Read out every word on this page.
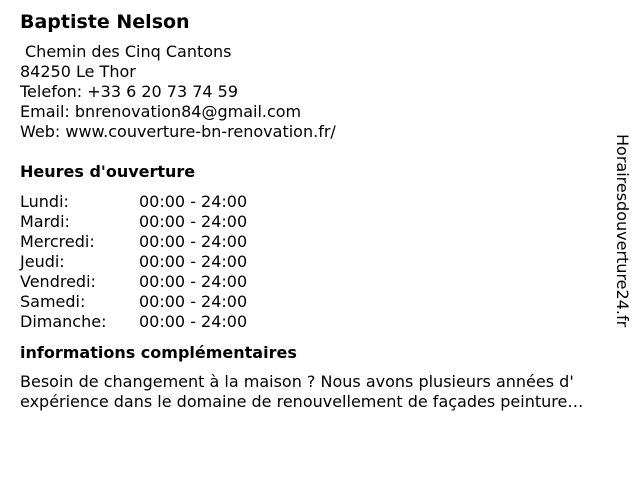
Baptiste Nelson
Chemin des Cinq Cantons
84250 Le Thor
Telefon: +33 6 20 73 74 59
Email: bnrenovation84@gmail.com
Web: www.couverture-bn-renovation.fr/
Heures d'ouverture
Lundi:	00:00 - 24:00
Mardi:	00:00 - 24:00
Mercredi:	00:00 - 24:00
Jeudi:	00:00 - 24:00
Vendredi:	00:00 - 24:00
Samedi:	00:00 - 24:00
Dimanche:	00:00 - 24:00
informations complémentaires
Besoin de changement à la maison ? Nous avons plusieurs années d' expérience dans le domaine de renouvellement de façades peinture…
Horairesdouverture24.fr
